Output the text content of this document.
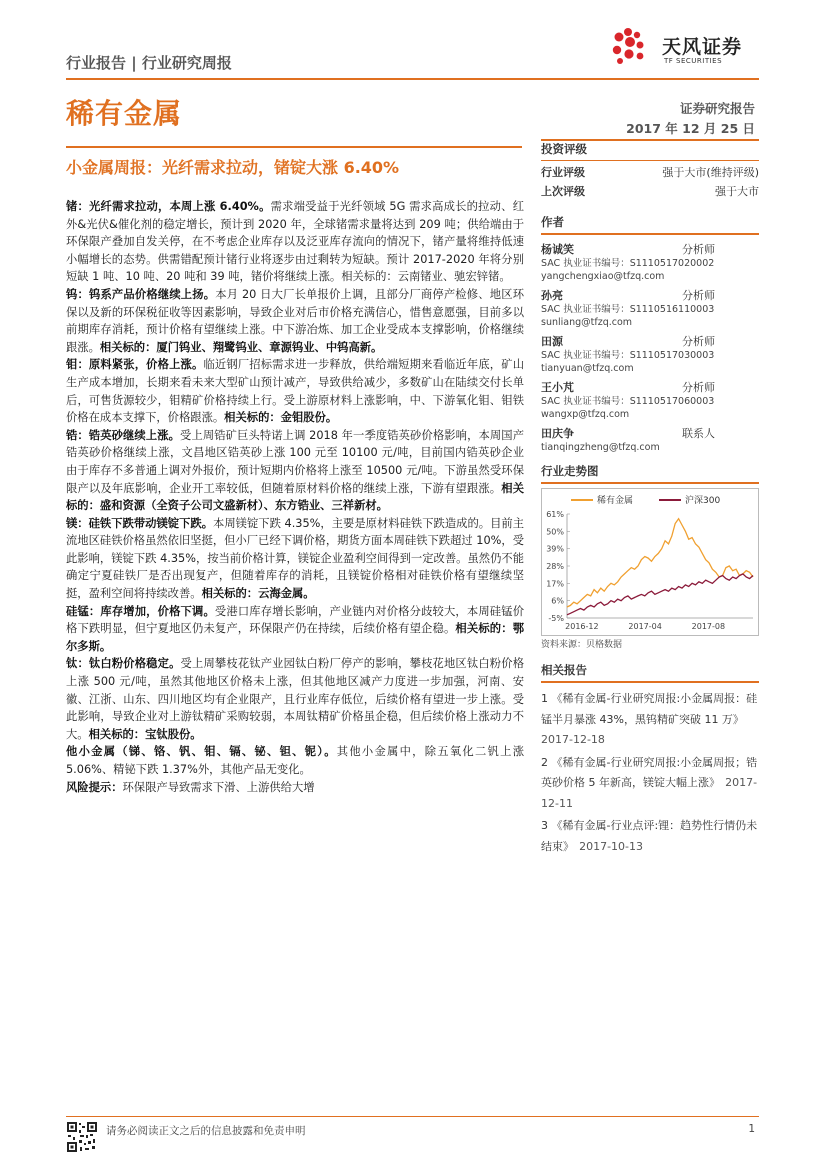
行业报告 | 行业研究周报
天风证券
TF SECURITIES
稀有金属	证券研究报告
2017 年 12 月 25 日
小金属周报：光纤需求拉动，锗锭大涨 6.40%

锗：光纤需求拉动，本周上涨 6.40%。需求端受益于光纤领域 5G 需求高成长的拉动、红外&光伏&催化剂的稳定增长，预计到 2020 年，全球锗需求量将达到 209 吨；供给端由于环保限产叠加自发关停，在不考虑企业库存以及泛亚库存流向的情况下，锗产量将维持低速小幅增长的态势。供需错配预计锗行业将逐步由过剩转为短缺。预计 2017-2020 年将分别短缺 1 吨、10 吨、20 吨和 39 吨，锗价将继续上涨。相关标的：云南锗业、驰宏锌锗。

钨：钨系产品价格继续上扬。本月 20 日大厂长单报价上调，且部分厂商停产检修、地区环保以及新的环保税征收等因素影响，导致企业对后市价格充满信心，惜售意愿强，目前多以前期库存消耗，预计价格有望继续上涨。中下游冶炼、加工企业受成本支撑影响，价格继续跟涨。相关标的：厦门钨业、翔鹭钨业、章源钨业、中钨高新。

钼：原料紧张，价格上涨。临近钢厂招标需求进一步释放，供给端短期来看临近年底，矿山生产成本增加，长期来看未来大型矿山预计减产，导致供给减少，多数矿山在陆续交付长单后，可售货源较少，钼精矿价格持续上行。受上游原材料上涨影响，中、下游氧化钼、钼铁价格在成本支撑下，价格跟涨。相关标的：金钼股份。

锆：锆英砂继续上涨。受上周锆矿巨头特诺上调 2018 年一季度锆英砂价格影响，本周国产锆英砂价格继续上涨，文昌地区锆英砂上涨 100 元至 10100 元/吨，目前国内锆英砂企业由于库存不多普通上调对外报价，预计短期内价格将上涨至 10500 元/吨。下游虽然受环保限产以及年底影响，企业开工率较低，但随着原材料价格的继续上涨，下游有望跟涨。相关标的：盛和资源（全资子公司文盛新材）、东方锆业、三祥新材。

镁：硅铁下跌带动镁锭下跌。本周镁锭下跌 4.35%，主要是原材料硅铁下跌造成的。目前主流地区硅铁价格虽然依旧坚挺，但小厂已经下调价格，期货方面本周硅铁下跌超过 10%，受此影响，镁锭下跌 4.35%，按当前价格计算，镁锭企业盈利空间得到一定改善。虽然仍不能确定宁夏硅铁厂是否出现复产，但随着库存的消耗，且镁锭价格相对硅铁价格有望继续坚挺，盈利空间将持续改善。相关标的：云海金属。

硅锰：库存增加，价格下调。受港口库存增长影响，产业链内对价格分歧较大，本周硅锰价格下跌明显，但宁夏地区仍未复产，环保限产仍在持续，后续价格有望企稳。相关标的：鄂尔多斯。

钛：钛白粉价格稳定。受上周攀枝花钛产业园钛白粉厂停产的影响，攀枝花地区钛白粉价格上涨 500 元/吨，虽然其他地区价格未上涨，但其他地区减产力度进一步加强，河南、安徽、江浙、山东、四川地区均有企业限产，且行业库存低位，后续价格有望进一步上涨。受此影响，导致企业对上游钛精矿采购较弱，本周钛精矿价格虽企稳，但后续价格上涨动力不大。相关标的：宝钛股份。

他小金属（锑、铬、钒、钼、镉、铋、钽、铌）。其他小金属中，除五氧化二钒上涨 5.06%、精铋下跌 1.37%外，其他产品无变化。

风险提示：环保限产导致需求下滑、上游供给大增

投资评级
行业评级	强于大市(维持评级)
上次评级	强于大市
作者
杨诚笑	分析师
SAC 执业证书编号：S1110517020002
yangchengxiao@tfzq.com
孙亮	分析师
SAC 执业证书编号：S1110516110003
sunliang@tfzq.com
田源	分析师
SAC 执业证书编号：S1110517030003
tianyuan@tfzq.com
王小芃	分析师
SAC 执业证书编号：S1110517060003
wangxp@tfzq.com
田庆争	联系人
tianqingzheng@tfzq.com
行业走势图
稀有金属	沪深300
61%
50%
39%
28%
17%
6%
-5%
2016-12	2017-04	2017-08
资料来源：贝格数据
相关报告
1 《稀有金属-行业研究周报:小金属周报：硅锰半月暴涨 43%，黑钨精矿突破 11 万》 2017-12-18
2 《稀有金属-行业研究周报:小金属周报；锆英砂价格 5 年新高，镁锭大幅上涨》 2017-12-11
3 《稀有金属-行业点评:锂：趋势性行情仍未结束》 2017-10-13
请务必阅读正文之后的信息披露和免责申明	1
